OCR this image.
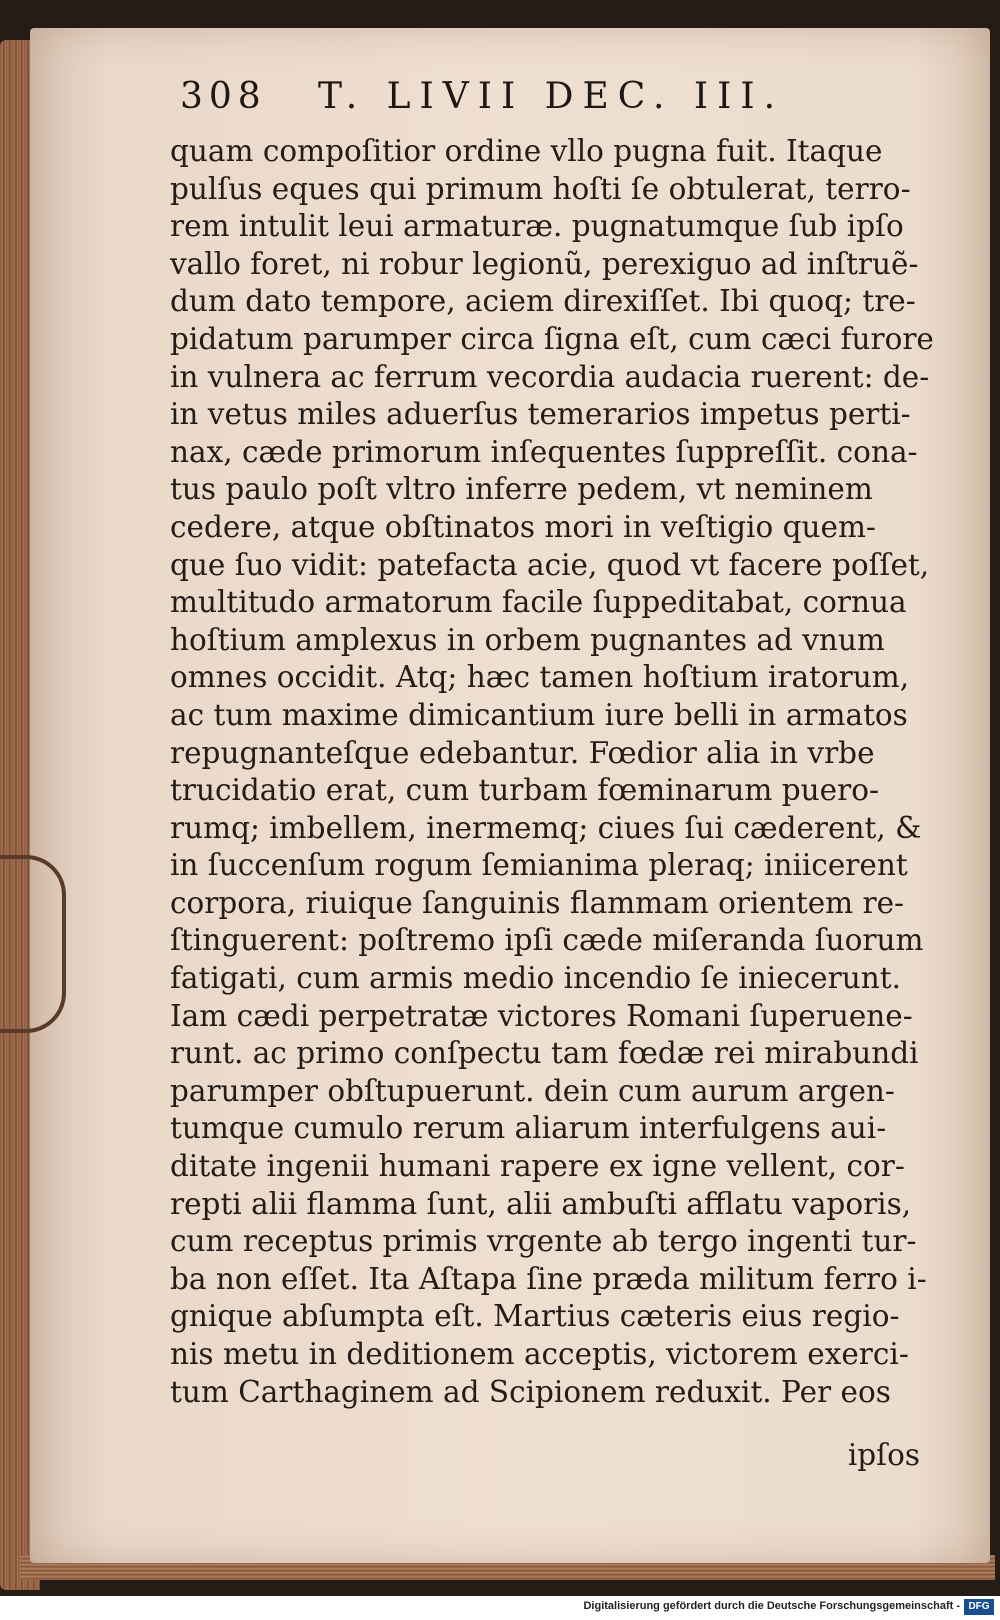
308 T. LIVII DEC. III.
quam compoſitior ordine vllo pugna fuit. Itaque
pulſus eques qui primum hoſti ſe obtulerat, terro-
rem intulit leui armaturæ. pugnatumque ſub ipſo
vallo foret, ni robur legionũ, perexiguo ad inſtruẽ-
dum dato tempore, aciem direxiſſet. Ibi quoq; tre-
pidatum parumper circa ſigna eſt, cum cæci furore
in vulnera ac ferrum vecordia audacia ruerent: de-
in vetus miles aduerſus temerarios impetus perti-
nax, cæde primorum inſequentes ſuppreſſit. cona-
tus paulo poſt vltro inferre pedem, vt neminem
cedere, atque obſtinatos mori in veſtigio quem-
que ſuo vidit: patefacta acie, quod vt facere poſſet,
multitudo armatorum facile ſuppeditabat, cornua
hoſtium amplexus in orbem pugnantes ad vnum
omnes occidit. Atq; hæc tamen hoſtium iratorum,
ac tum maxime dimicantium iure belli in armatos
repugnanteſque edebantur. Fœdior alia in vrbe
trucidatio erat, cum turbam fœminarum puero-
rumq; imbellem, inermemq; ciues ſui cæderent, &
in ſuccenſum rogum ſemianima pleraq; iniicerent
corpora, riuique ſanguinis flammam orientem re-
ſtinguerent: poſtremo ipſi cæde miſeranda ſuorum
fatigati, cum armis medio incendio ſe iniecerunt.
Iam cædi perpetratæ victores Romani ſuperuene-
runt. ac primo conſpectu tam fœdæ rei mirabundi
parumper obſtupuerunt. dein cum aurum argen-
tumque cumulo rerum aliarum interfulgens aui-
ditate ingenii humani rapere ex igne vellent, cor-
repti alii flamma ſunt, alii ambuſti afflatu vaporis,
cum receptus primis vrgente ab tergo ingenti tur-
ba non eſſet. Ita Aſtapa ſine præda militum ferro i-
gnique abſumpta eſt. Martius cæteris eius regio-
nis metu in deditionem acceptis, victorem exerci-
tum Carthaginem ad Scipionem reduxit. Per eos
ipſos
Digitalisierung gefördert durch die Deutsche Forschungsgemeinschaft - DFG
